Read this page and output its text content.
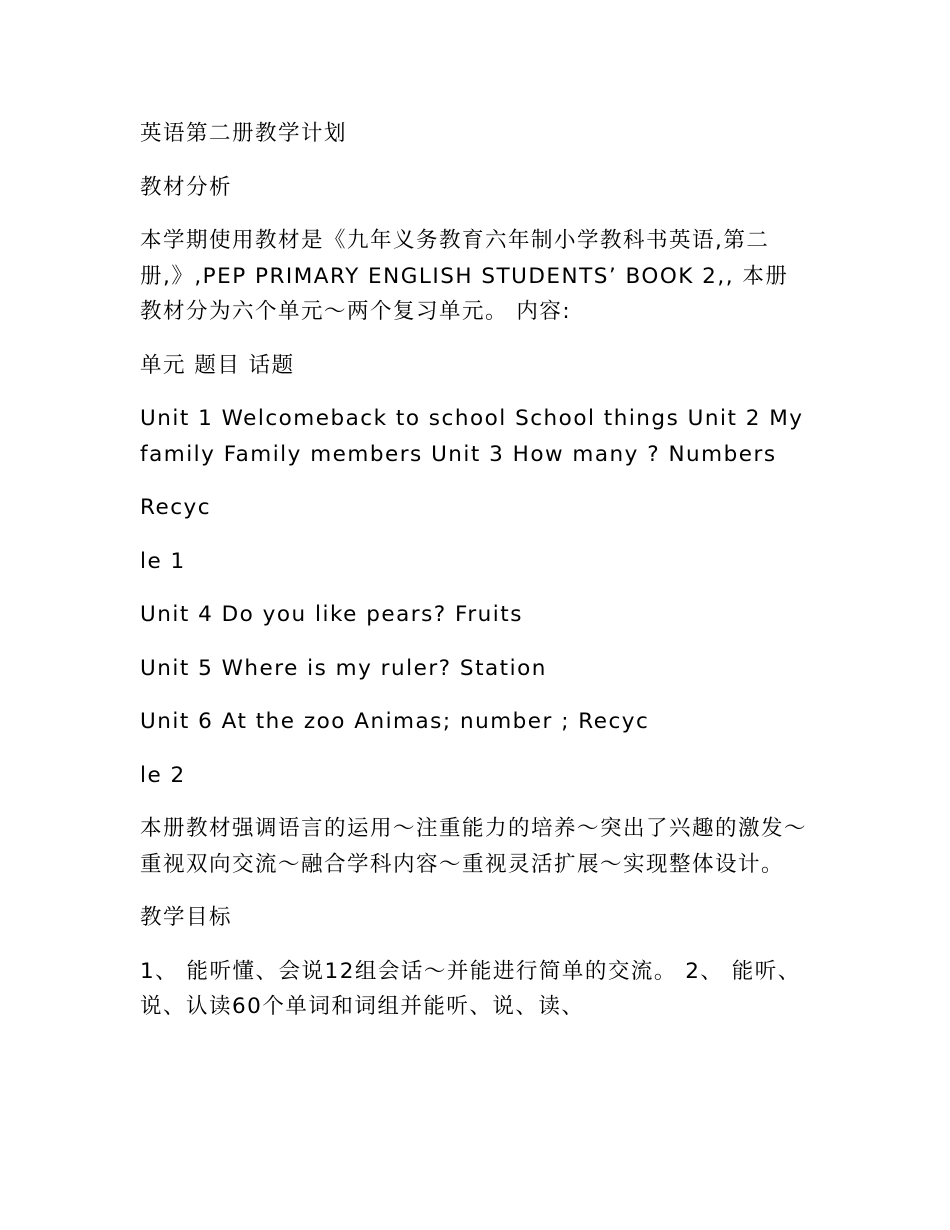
英语第二册教学计划

教材分析

本学期使用教材是《九年义务教育六年制小学教科书英语,第二册,》,PEP PRIMARY ENGLISH STUDENTS’ BOOK 2,, 本册教材分为六个单元～两个复习单元。 内容:

单元 题目 话题

Unit 1 Welcomeback to school School things Unit 2 My family Family members Unit 3 How many ? Numbers

Recyc

le 1

Unit 4 Do you like pears? Fruits

Unit 5 Where is my ruler? Station

Unit 6 At the zoo Animas; number ; Recyc

le 2

本册教材强调语言的运用～注重能力的培养～突出了兴趣的激发～重视双向交流～融合学科内容～重视灵活扩展～实现整体设计。

教学目标

1、 能听懂、会说12组会话～并能进行简单的交流。 2、 能听、说、认读60个单词和词组并能听、说、读、
